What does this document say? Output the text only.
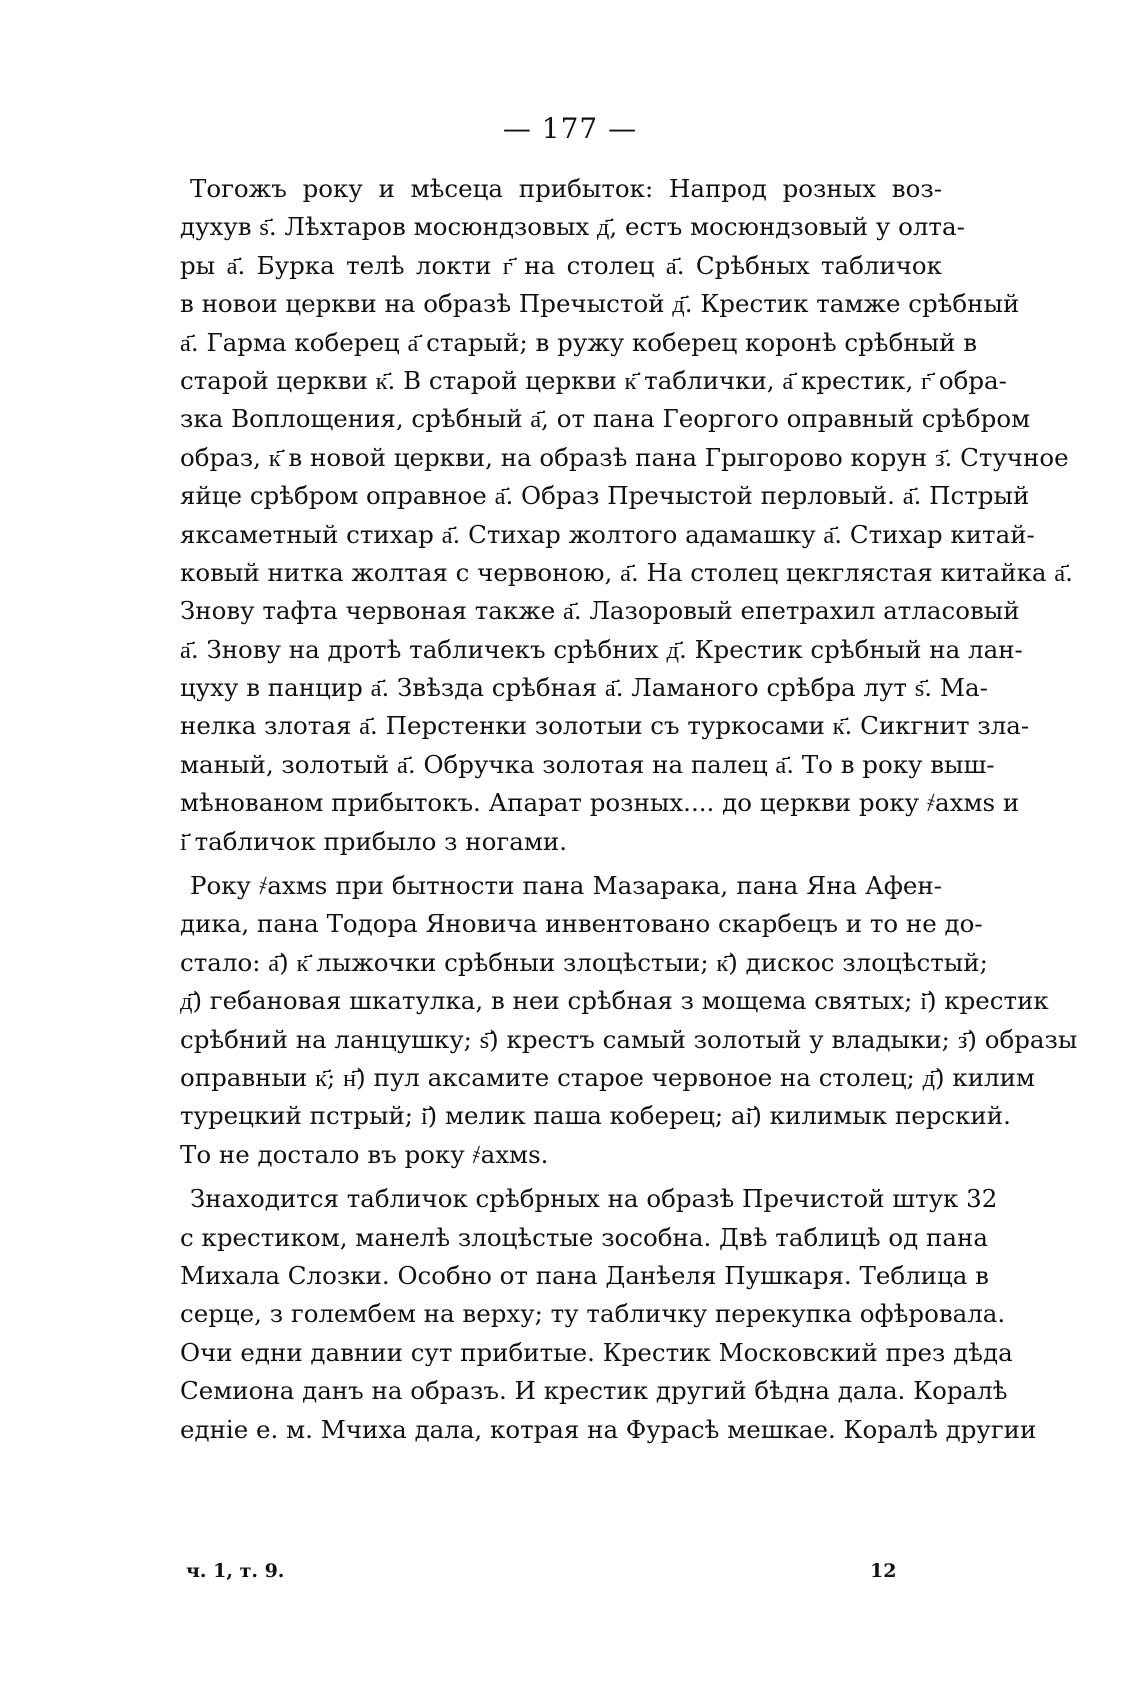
— 177 —
Тогожъ року и мѣсеца прибыток: Напрод розных воз-
духув ѕ҃. Лѣхтаров мосюндзовых д҃, естъ мосюндзовый у олта-
ры а҃. Бурка телѣ локти г҃ на столец а҃. Срѣбных табличок
в новои церкви на образѣ Пречыстой д҃. Крестик тамже срѣбный
а҃. Гарма коберец а҃ старый; в ружу коберец коронѣ срѣбный в
старой церкви к҃. В старой церкви к҃ таблички, а҃ крестик, г҃ обра-
зка Воплощения, срѣбный а҃, от пана Георгого оправный срѣбром
образ, к҃ в новой церкви, на образѣ пана Грыгорово корун з҃. Стучное
яйце срѣбром оправное а҃. Образ Пречыстой перловый. а҃. Пстрый
яксаметный стихар а҃. Стихар жолтого адамашку а҃. Стихар китай-
ковый нитка жолтая с червоною, а҃. На столец цекглястая китайка а҃.
Знову тафта червоная также а҃. Лазоровый епетрахил атласовый
а҃. Знову на дротѣ табличекъ срѣбних д҃. Крестик срѣбный на лан-
цуху в панцир а҃. Звѣзда срѣбная а҃. Ламаного срѣбра лут ѕ҃. Ма-
нелка злотая а҃. Перстенки золотыи съ туркосами к҃. Сикгнит зла-
маный, золотый а҃. Обручка золотая на палец а҃. То в року выш-
мѣнованом прибытокъ. Апарат розных.... до церкви року ҂ахмѕ и
і҃ табличок прибыло з ногами.
Року ҂ахмѕ при бытности пана Мазарака, пана Яна Афен-
дика, пана Тодора Яновича инвентовано скарбецъ и то не до-
стало: а҃) к҃ лыжочки срѣбныи злоцѣстыи; к҃) дискос злоцѣстый;
д҃) гебановая шкатулка, в неи срѣбная з мощема святых; і҃) крестик
срѣбний на ланцушку; ѕ҃) крестъ самый золотый у владыки; з҃) образы
оправныи к҃; н҃) пул аксамите старое червоное на столец; д҃) килим
турецкий пстрый; і҃) мелик паша коберец; аі҃) килимык перский.
То не достало въ року ҂ахмѕ.
Знаходится табличок срѣбрных на образѣ Пречистой штук 32
с крестиком, манелѣ злоцѣстые зособна. Двѣ таблицѣ од пана
Михала Слозки. Особно от пана Данѣеля Пушкаря. Теблица в
серце, з голембем на верху; ту табличку перекупка офѣровала.
Очи едни давнии сут прибитые. Крестик Московский през дѣда
Семиона данъ на образъ. И крестик другий бѣдна дала. Коралѣ
едніе е. м. Мчиха дала, котрая на Фурасѣ мешкае. Коралѣ другии
ч. 1, т. 9.	12
